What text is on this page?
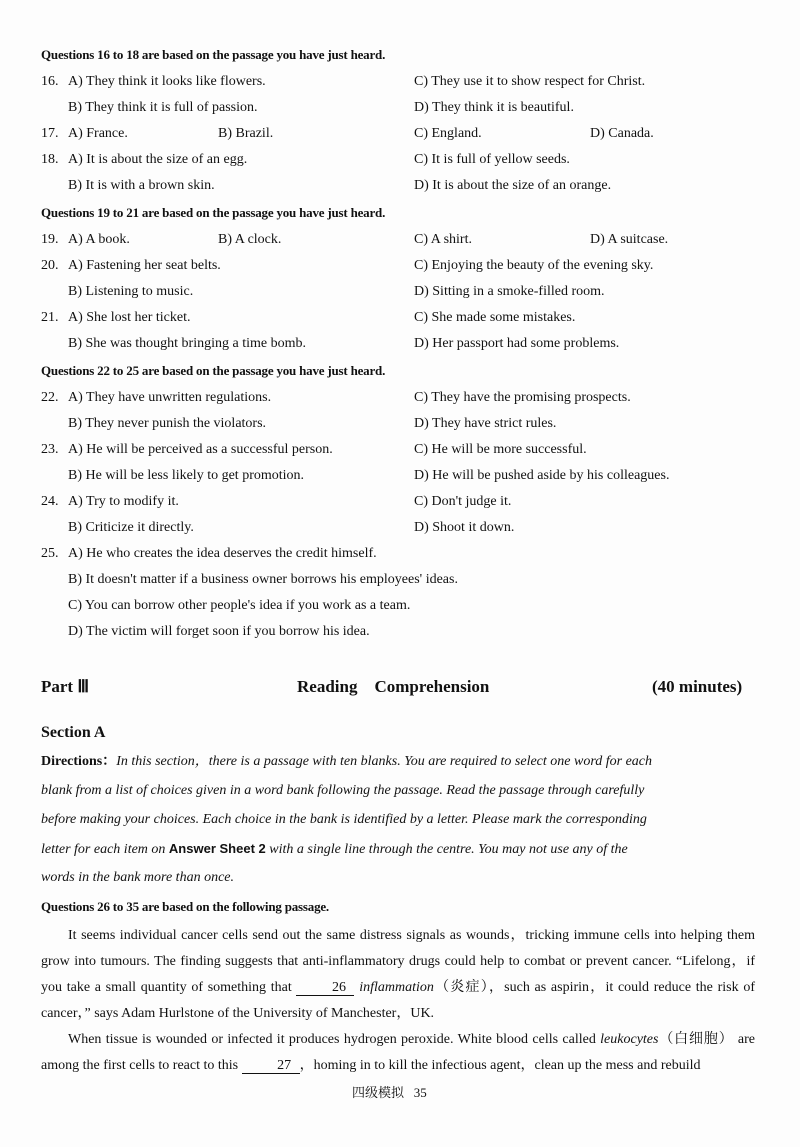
Questions 16 to 18 are based on the passage you have just heard.
16. A) They think it looks like flowers.	C) They use it to show respect for Christ.
B) They think it is full of passion.	D) They think it is beautiful.
17. A) France.	B) Brazil.	C) England.	D) Canada.
18. A) It is about the size of an egg.	C) It is full of yellow seeds.
B) It is with a brown skin.	D) It is about the size of an orange.
Questions 19 to 21 are based on the passage you have just heard.
19. A) A book.	B) A clock.	C) A shirt.	D) A suitcase.
20. A) Fastening her seat belts.	C) Enjoying the beauty of the evening sky.
B) Listening to music.	D) Sitting in a smoke-filled room.
21. A) She lost her ticket.	C) She made some mistakes.
B) She was thought bringing a time bomb.	D) Her passport had some problems.
Questions 22 to 25 are based on the passage you have just heard.
22. A) They have unwritten regulations.	C) They have the promising prospects.
B) They never punish the violators.	D) They have strict rules.
23. A) He will be perceived as a successful person.	C) He will be more successful.
B) He will be less likely to get promotion.	D) He will be pushed aside by his colleagues.
24. A) Try to modify it.	C) Don't judge it.
B) Criticize it directly.	D) Shoot it down.
25. A) He who creates the idea deserves the credit himself.
B) It doesn't matter if a business owner borrows his employees' ideas.
C) You can borrow other people's idea if you work as a team.
D) The victim will forget soon if you borrow his idea.
Part Ⅲ	Reading    Comprehension	(40 minutes)
Section A
Directions：In this section，there is a passage with ten blanks. You are required to select one word for each
blank from a list of choices given in a word bank following the passage. Read the passage through carefully
before making your choices. Each choice in the bank is identified by a letter. Please mark the corresponding
letter for each item on Answer Sheet 2 with a single line through the centre. You may not use any of the
words in the bank more than once.
Questions 26 to 35 are based on the following passage.
It seems individual cancer cells send out the same distress signals as wounds，tricking immune cells into helping them grow into tumours. The finding suggests that anti-inflammatory drugs could help to combat or prevent cancer. “Lifelong，if you take a small quantity of something that	26 inflammation（炎症），such as aspirin，it could reduce the risk of cancer，” says Adam Hurlstone of the University of Manchester，UK.
When tissue is wounded or infected it produces hydrogen peroxide. White blood cells called leukocytes（白细胞） are among the first cells to react to this	27 ，homing in to kill the infectious agent，clean up the mess and rebuild
四级模拟 35
